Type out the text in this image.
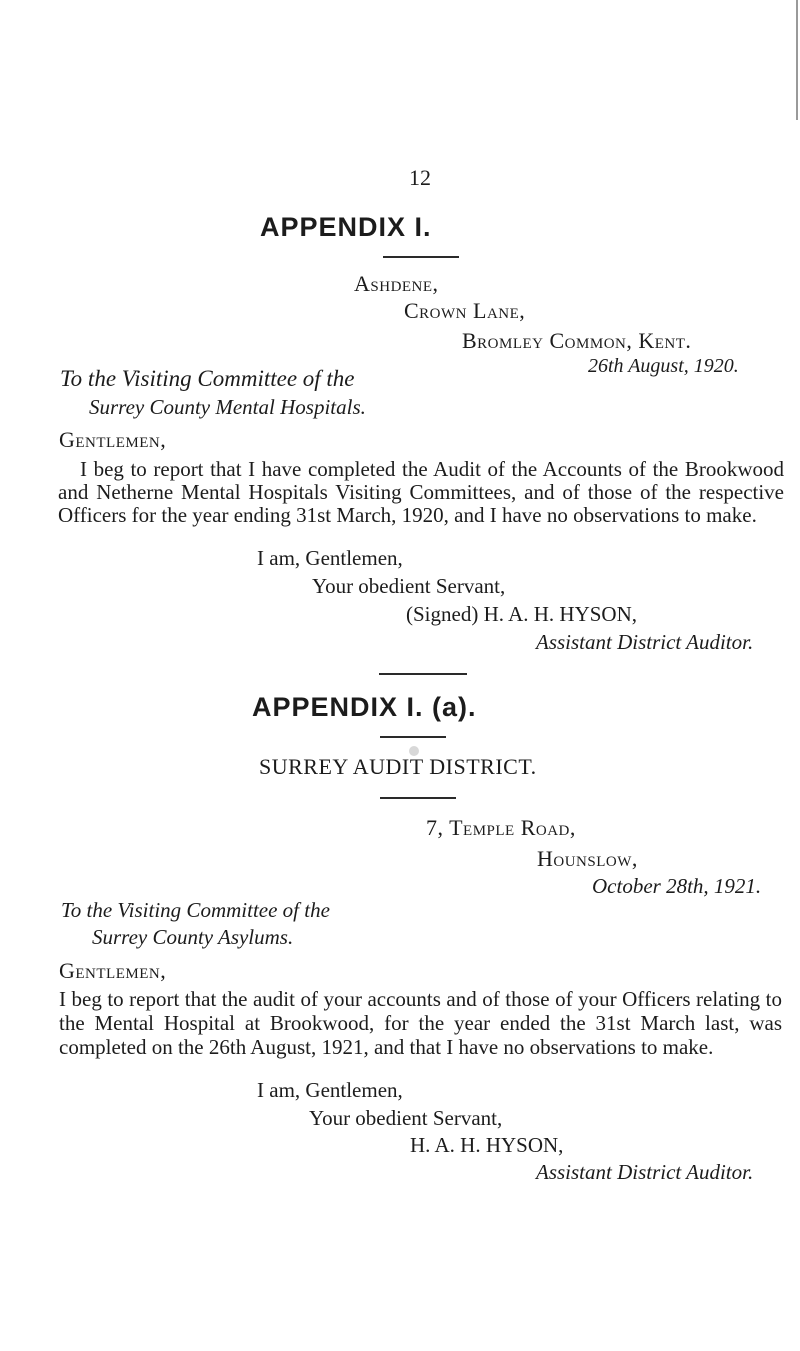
12
APPENDIX I.
Ashdene,
Crown Lane,
Bromley Common, Kent.
26th August, 1920.
To the Visiting Committee of the
Surrey County Mental Hospitals.
Gentlemen,
I beg to report that I have completed the Audit of the Accounts of the Brookwood and Netherne Mental Hospitals Visiting Committees, and of those of the respective Officers for the year ending 31st March, 1920, and I have no observations to make.
I am, Gentlemen,
Your obedient Servant,
(Signed) H. A. H. HYSON,
Assistant District Auditor.
APPENDIX I. (a).
SURREY AUDIT DISTRICT.
7, Temple Road,
Hounslow,
October 28th, 1921.
To the Visiting Committee of the
Surrey County Asylums.
Gentlemen,
I beg to report that the audit of your accounts and of those of your Officers relating to the Mental Hospital at Brookwood, for the year ended the 31st March last, was completed on the 26th August, 1921, and that I have no observations to make.
I am, Gentlemen,
Your obedient Servant,
H. A. H. HYSON,
Assistant District Auditor.
